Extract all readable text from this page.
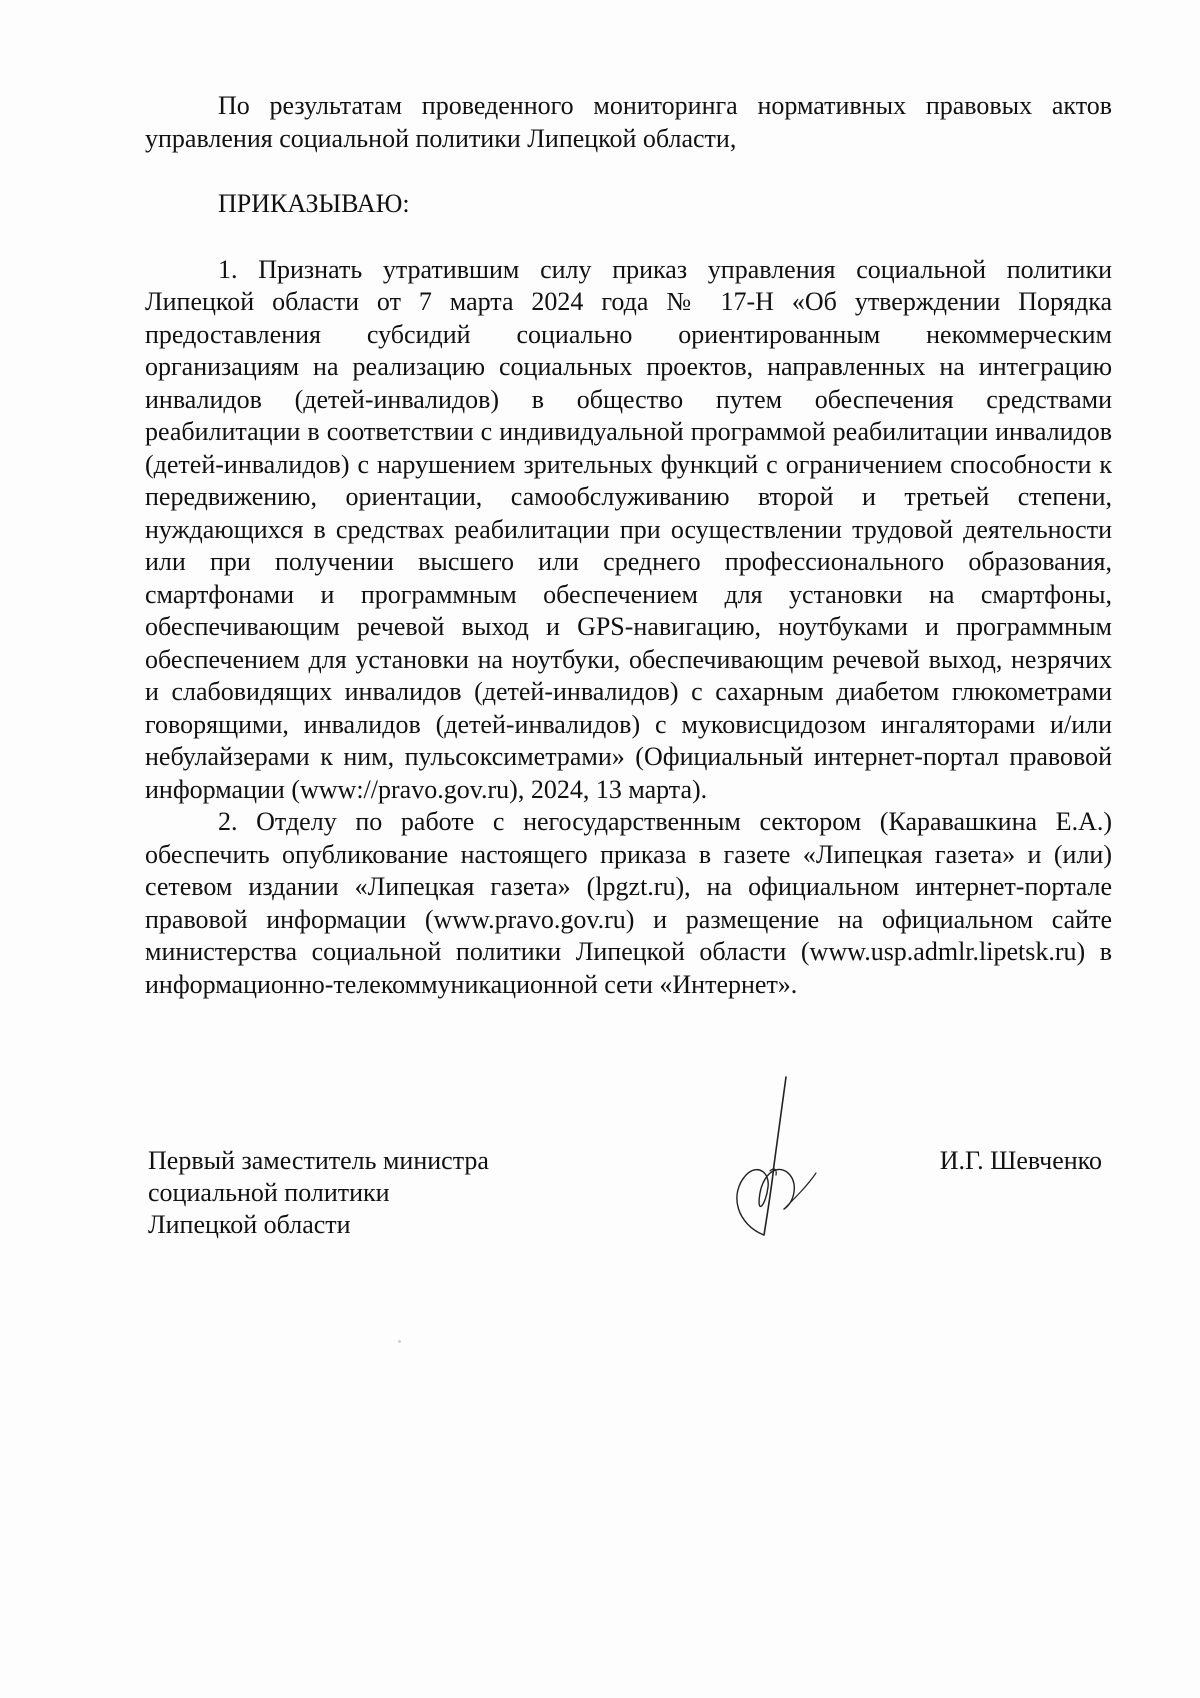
По результатам проведенного мониторинга нормативных правовых актов управления социальной политики Липецкой области,

ПРИКАЗЫВАЮ:

1. Признать утратившим силу приказ управления социальной политики Липецкой области от 7 марта 2024 года № 17-Н «Об утверждении Порядка предоставления субсидий социально ориентированным некоммерческим организациям на реализацию социальных проектов, направленных на интеграцию инвалидов (детей-инвалидов) в общество путем обеспечения средствами реабилитации в соответствии с индивидуальной программой реабилитации инвалидов (детей-инвалидов) с нарушением зрительных функций с ограничением способности к передвижению, ориентации, самообслуживанию второй и третьей степени, нуждающихся в средствах реабилитации при осуществлении трудовой деятельности или при получении высшего или среднего профессионального образования, смартфонами и программным обеспечением для установки на смартфоны, обеспечивающим речевой выход и GPS-навигацию, ноутбуками и программным обеспечением для установки на ноутбуки, обеспечивающим речевой выход, незрячих и слабовидящих инвалидов (детей-инвалидов) с сахарным диабетом глюкометрами говорящими, инвалидов (детей-инвалидов) с муковисцидозом ингаляторами и/или небулайзерами к ним, пульсоксиметрами» (Официальный интернет-портал правовой информации (www://pravo.gov.ru), 2024, 13 марта).

2. Отделу по работе с негосударственным сектором (Каравашкина Е.А.) обеспечить опубликование настоящего приказа в газете «Липецкая газета» и (или) сетевом издании «Липецкая газета» (lpgzt.ru), на официальном интернет-портале правовой информации (www.pravo.gov.ru) и размещение на официальном сайте министерства социальной политики Липецкой области (www.usp.admlr.lipetsk.ru) в информационно-телекоммуникационной сети «Интернет».

Первый заместитель министра
социальной политики
Липецкой области
И.Г. Шевченко
